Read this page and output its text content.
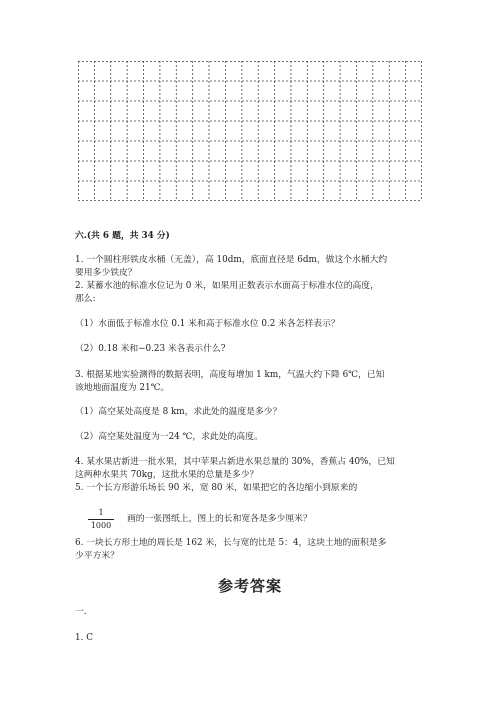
六.(共 6 题，共 34 分)

1. 一个圆柱形铁皮水桶（无盖），高 10dm，底面直径是 6dm，做这个水桶大约

要用多少铁皮？

2. 某蓄水池的标准水位记为 0 米，如果用正数表示水面高于标准水位的高度，

那么:

（1）水面低于标准水位 0.1 米和高于标准水位 0.2 米各怎样表示？

（2）0.18 米和−0.23 米各表示什么?

3. 根据某地实验测得的数据表明，高度每增加 1 km，气温大约下降 6℃，已知

该地地面温度为 21℃。

（1）高空某处高度是 8 km，求此处的温度是多少？

（2）高空某处温度为一24 ℃，求此处的高度。

4. 某水果店新进一批水果，其中苹果占新进水果总量的 30%，香蕉占 40%，已知

这两种水果共 70kg，这批水果的总量是多少？

5. 一个长方形游乐场长 90 米，宽 80 米，如果把它的各边缩小到原来的

1
1000

画的一张图纸上，图上的长和宽各是多少厘米？

6. 一块长方形土地的周长是 162 米，长与宽的比是 5：4，这块土地的面积是多

少平方米？

参考答案

一.

1. C
